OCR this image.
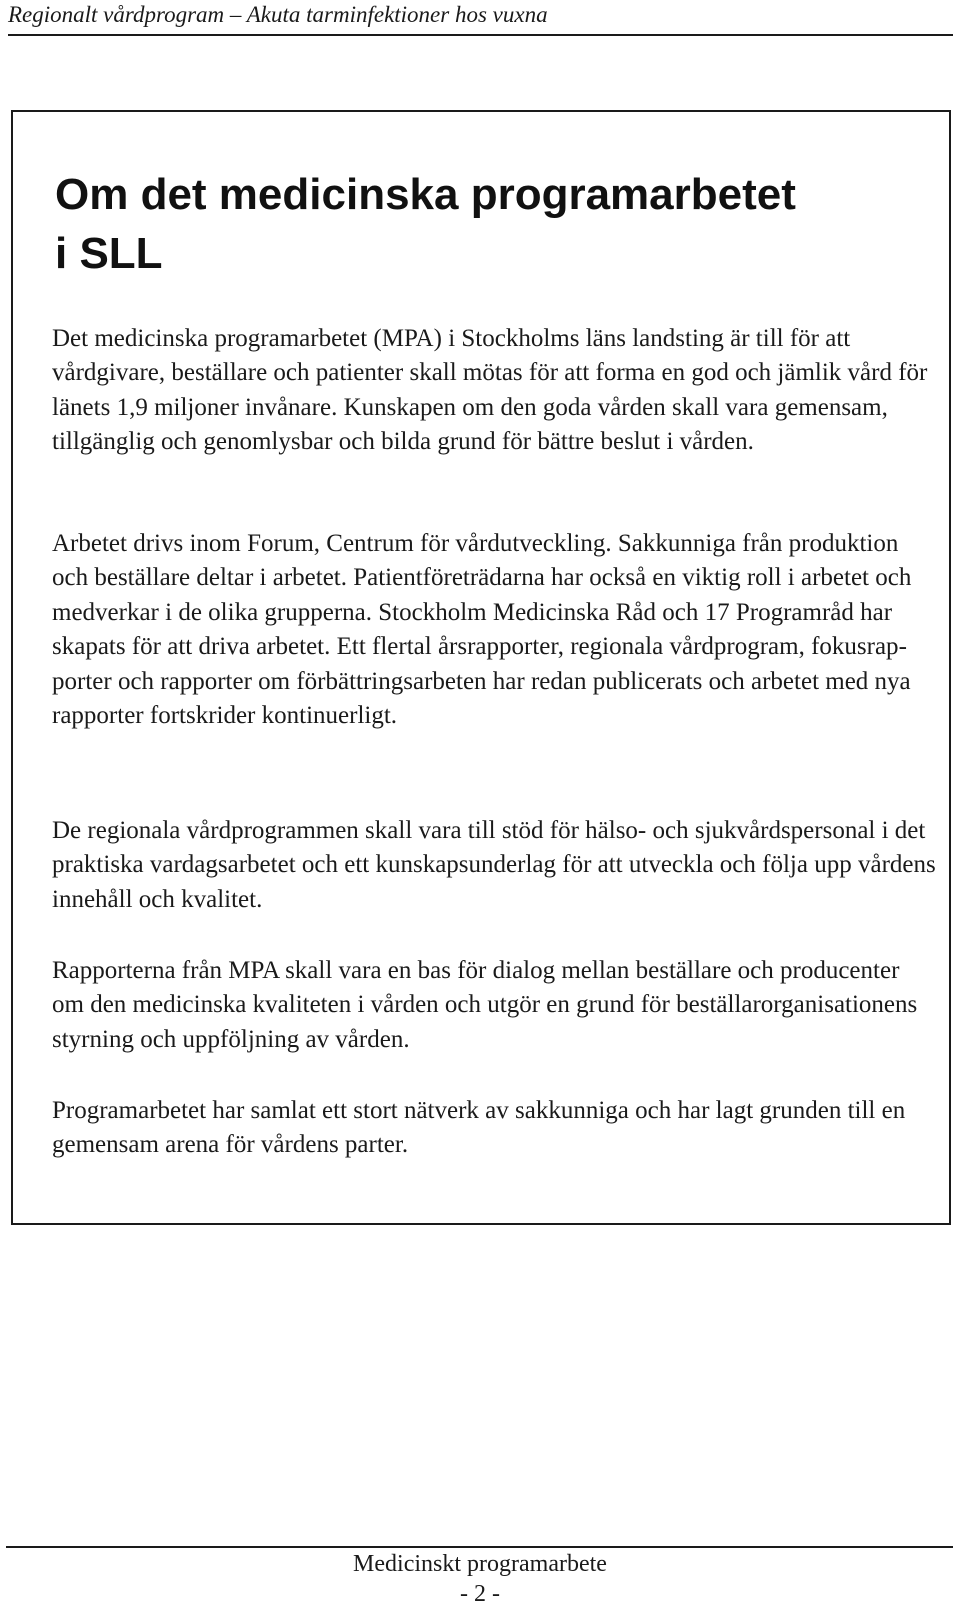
Regionalt vårdprogram – Akuta tarminfektioner hos vuxna
Om det medicinska programarbetet
i SLL

Det medicinska programarbetet (MPA) i Stockholms läns landsting är till för att vårdgivare, beställare och patienter skall mötas för att forma en god och jämlik vård för länets 1,9 miljoner invånare. Kunskapen om den goda vården skall vara gemensam, tillgänglig och genomlysbar och bilda grund för bättre beslut i vården.

Arbetet drivs inom Forum, Centrum för vårdutveckling. Sakkunniga från produktion och beställare deltar i arbetet. Patientföreträdarna har också en viktig roll i arbetet och medverkar i de olika grupperna. Stockholm Medicinska Råd och 17 Programråd har skapats för att driva arbetet. Ett flertal årsrapporter, regionala vårdprogram, fokusrapporter och rapporter om förbättringsarbeten har redan publicerats och arbetet med nya rapporter fortskrider kontinuerligt.

De regionala vårdprogrammen skall vara till stöd för hälso- och sjukvårdspersonal i det praktiska vardagsarbetet och ett kunskapsunderlag för att utveckla och följa upp vårdens innehåll och kvalitet.

Rapporterna från MPA skall vara en bas för dialog mellan beställare och producenter om den medicinska kvaliteten i vården och utgör en grund för beställarorganisationens styrning och uppföljning av vården.

Programarbetet har samlat ett stort nätverk av sakkunniga och har lagt grunden till en gemensam arena för vårdens parter.

Medicinskt programarbete
- 2 -
